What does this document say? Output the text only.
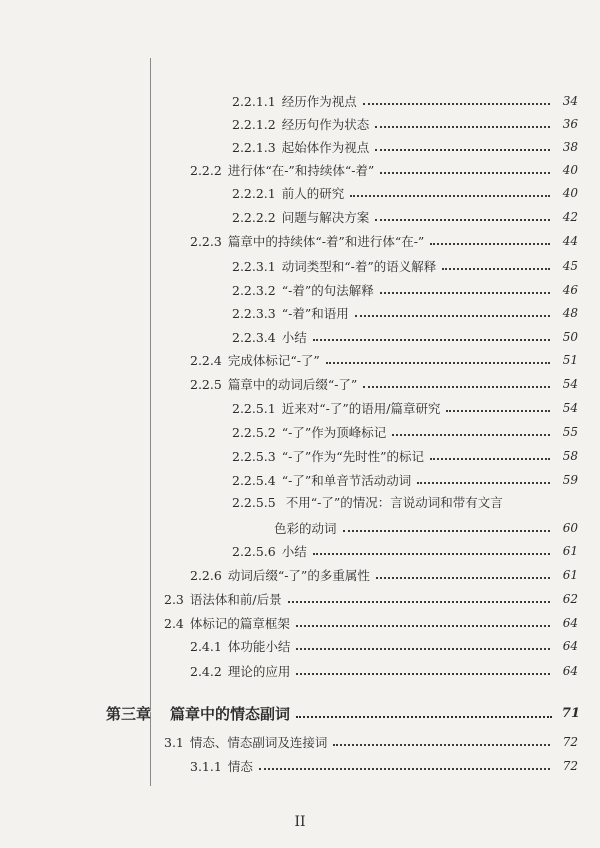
2.2.1.1 经历作为视点	34
2.2.1.2 经历句作为状态	36
2.2.1.3 起始体作为视点	38
2.2.2 进行体“在-”和持续体“-着”	40
2.2.2.1 前人的研究	40
2.2.2.2 问题与解决方案	42
2.2.3 篇章中的持续体“-着”和进行体“在-”	44
2.2.3.1 动词类型和“-着”的语义解释	45
2.2.3.2 “-着”的句法解释	46
2.2.3.3 “-着”和语用	48
2.2.3.4 小结	50
2.2.4 完成体标记“-了”	51
2.2.5 篇章中的动词后缀“-了”	54
2.2.5.1 近来对“-了”的语用/篇章研究	54
2.2.5.2 “-了”作为顶峰标记	55
2.2.5.3 “-了”作为“先时性”的标记	58
2.2.5.4 “-了”和单音节活动动词	59
2.2.5.5 不用“-了”的情况：言说动词和带有文言
色彩的动词	60
2.2.5.6 小结	61
2.2.6 动词后缀“-了”的多重属性	61
2.3 语法体和前/后景	62
2.4 体标记的篇章框架	64
2.4.1 体功能小结	64
2.4.2 理论的应用	64
第三章	篇章中的情态副词	71
3.1 情态、情态副词及连接词	72
3.1.1 情态	72
II
